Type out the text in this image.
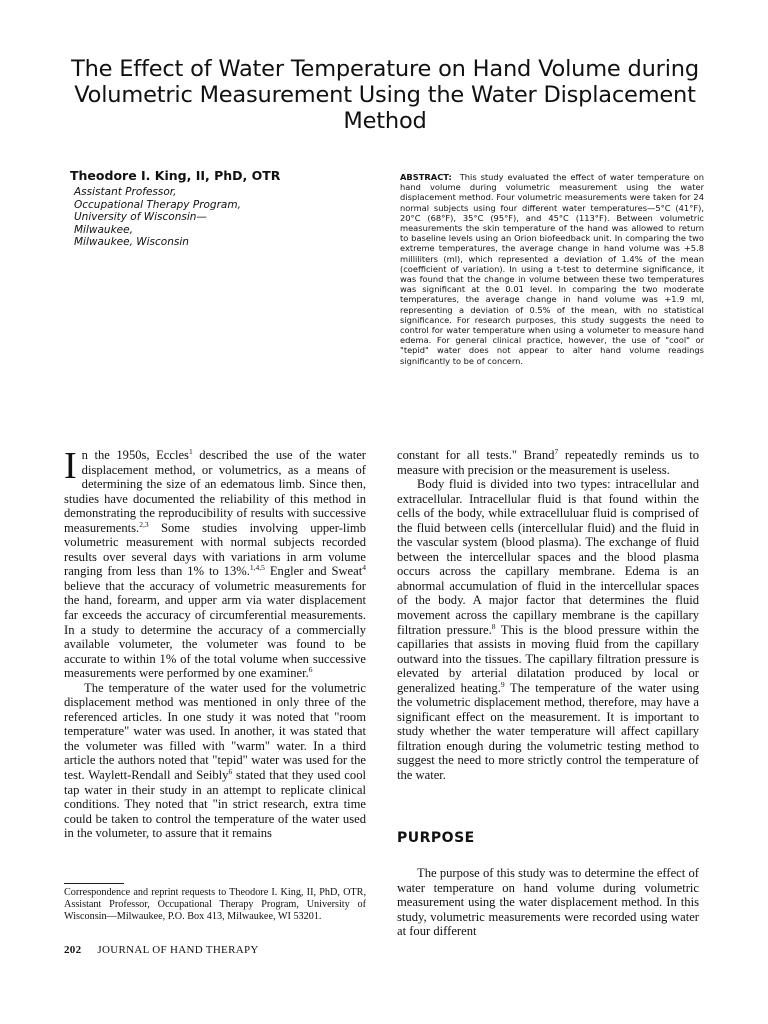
The Effect of Water Temperature on Hand Volume during Volumetric Measurement Using the Water Displacement Method

Theodore I. King, II, PhD, OTR

Assistant Professor,

Occupational Therapy Program,

University of Wisconsin—

Milwaukee,

Milwaukee, Wisconsin

ABSTRACT: This study evaluated the effect of water temperature on hand volume during volumetric measurement using the water displacement method. Four volumetric measurements were taken for 24 normal subjects using four different water temperatures—5°C (41°F), 20°C (68°F), 35°C (95°F), and 45°C (113°F). Between volumetric measurements the skin temperature of the hand was allowed to return to baseline levels using an Orion biofeedback unit. In comparing the two extreme temperatures, the average change in hand volume was +5.8 milliliters (ml), which represented a deviation of 1.4% of the mean (coefficient of variation). In using a t-test to determine significance, it was found that the change in volume between these two temperatures was significant at the 0.01 level. In comparing the two moderate temperatures, the average change in hand volume was +1.9 ml, representing a deviation of 0.5% of the mean, with no statistical significance. For research purposes, this study suggests the need to control for water temperature when using a volumeter to measure hand edema. For general clinical practice, however, the use of "cool" or "tepid" water does not appear to alter hand volume readings significantly to be of concern.

In the 1950s, Eccles$^1$ described the use of the water displacement method, or volumetrics, as a means of determining the size of an edematous limb. Since then, studies have documented the reliability of this method in demonstrating the reproducibility of results with successive measurements.$^{2,3}$ Some studies involving upper-limb volumetric measurement with normal subjects recorded results over several days with variations in arm volume ranging from less than 1% to 13%.$^{1,4,5}$ Engler and Sweat$^4$ believe that the accuracy of volumetric measurements for the hand, forearm, and upper arm via water displacement far exceeds the accuracy of circumferential measurements. In a study to determine the accuracy of a commercially available volumeter, the volumeter was found to be accurate to within 1% of the total volume when successive measurements were performed by one examiner.$^6$

The temperature of the water used for the volumetric displacement method was mentioned in only three of the referenced articles. In one study it was noted that "room temperature" water was used. In another, it was stated that the volumeter was filled with "warm" water. In a third article the authors noted that "tepid" water was used for the test. Waylett-Rendall and Seibly$^6$ stated that they used cool tap water in their study in an attempt to replicate clinical conditions. They noted that "in strict research, extra time could be taken to control the temperature of the water used in the volumeter, to assure that it remains

constant for all tests." Brand$^7$ repeatedly reminds us to measure with precision or the measurement is useless.

Body fluid is divided into two types: intracellular and extracellular. Intracellular fluid is that found within the cells of the body, while extracelluluar fluid is comprised of the fluid between cells (intercellular fluid) and the fluid in the vascular system (blood plasma). The exchange of fluid between the intercellular spaces and the blood plasma occurs across the capillary membrane. Edema is an abnormal accumulation of fluid in the intercellular spaces of the body. A major factor that determines the fluid movement across the capillary membrane is the capillary filtration pressure.$^8$ This is the blood pressure within the capillaries that assists in moving fluid from the capillary outward into the tissues. The capillary filtration pressure is elevated by arterial dilatation produced by local or generalized heating.$^9$ The temperature of the water using the volumetric displacement method, therefore, may have a significant effect on the measurement. It is important to study whether the water temperature will affect capillary filtration enough during the volumetric testing method to suggest the need to more strictly control the temperature of the water.

PURPOSE

The purpose of this study was to determine the effect of water temperature on hand volume during volumetric measurement using the water displacement method. In this study, volumetric measurements were recorded using water at four different

Correspondence and reprint requests to Theodore I. King, II, PhD, OTR, Assistant Professor, Occupational Therapy Program, University of Wisconsin—Milwaukee, P.O. Box 413, Milwaukee, WI 53201.

202 JOURNAL OF HAND THERAPY
